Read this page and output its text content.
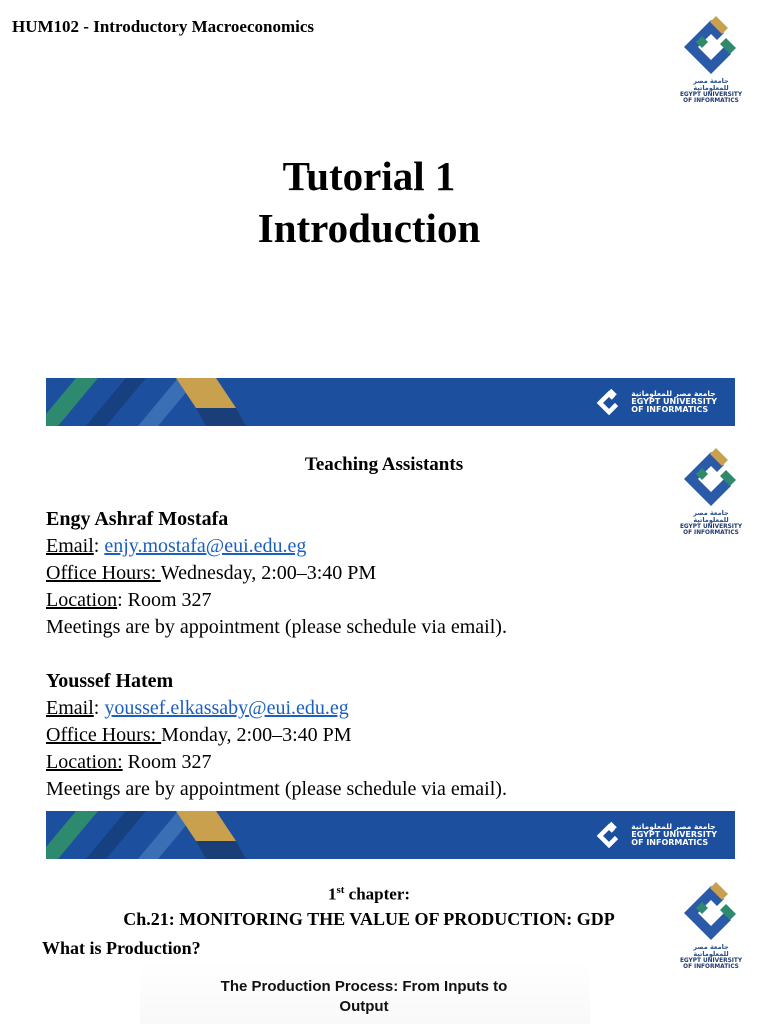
HUM102 - Introductory Macroeconomics
جامعة مصر للمعلوماتية
EGYPT UNIVERSITY
OF INFORMATICS
Tutorial 1
Introduction
جامعة مصر للمعلوماتية
EGYPT UNIVERSITY
OF INFORMATICS
Teaching Assistants
جامعة مصر للمعلوماتية
EGYPT UNIVERSITY
OF INFORMATICS
Engy Ashraf Mostafa
Email: enjy.mostafa@eui.edu.eg
Office Hours: Wednesday, 2:00–3:40 PM
Location: Room 327
Meetings are by appointment (please schedule via email).
Youssef Hatem
Email: youssef.elkassaby@eui.edu.eg
Office Hours: Monday, 2:00–3:40 PM
Location: Room 327
Meetings are by appointment (please schedule via email).
جامعة مصر للمعلوماتية
EGYPT UNIVERSITY
OF INFORMATICS
جامعة مصر للمعلوماتية
EGYPT UNIVERSITY
OF INFORMATICS
1st chapter:
Ch.21: MONITORING THE VALUE OF PRODUCTION: GDP
What is Production?
The Production Process: From Inputs to
Output
